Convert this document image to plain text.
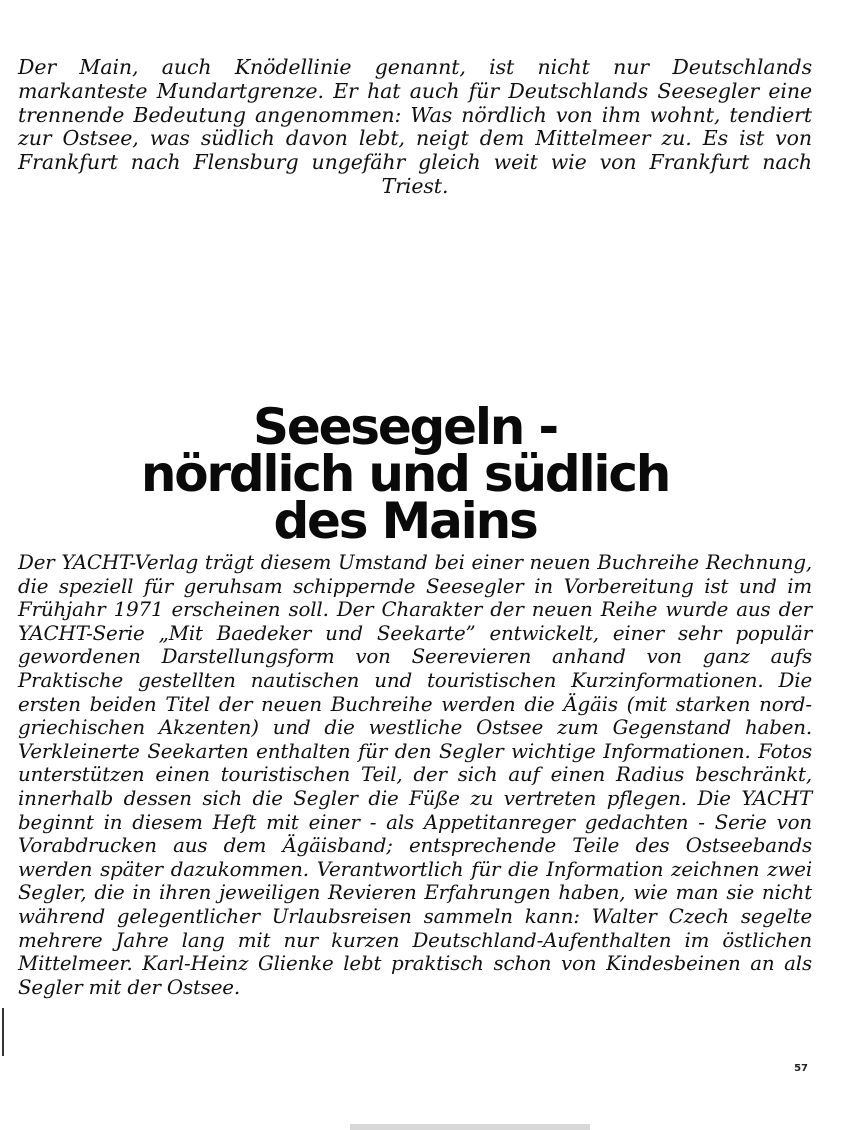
Der Main, auch Knödellinie genannt, ist nicht nur Deutschlands markanteste Mundartgrenze. Er hat auch für Deutschlands Seesegler eine trennende Bedeutung angenommen: Was nördlich von ihm wohnt, tendiert zur Ostsee, was südlich davon lebt, neigt dem Mittelmeer zu. Es ist von Frankfurt nach Flensburg ungefähr gleich weit wie von Frankfurt nach Triest.

Seesegeln -
nördlich und südlich
des Mains

Der YACHT-Verlag trägt diesem Umstand bei einer neuen Buchreihe Rechnung, die speziell für geruhsam schippernde Seesegler in Vorbereitung ist und im Frühjahr 1971 erscheinen soll. Der Charakter der neuen Reihe wurde aus der YACHT-Serie „Mit Baedeker und Seekarte” entwickelt, einer sehr populär gewordenen Darstellungsform von Seerevieren anhand von ganz aufs Praktische gestellten nautischen und touristischen Kurzinformationen. Die ersten beiden Titel der neuen Buchreihe werden die Ägäis (mit starken nordgriechischen Akzenten) und die westliche Ostsee zum Gegenstand haben. Verkleinerte Seekarten enthalten für den Segler wichtige Informationen. Fotos unterstützen einen touristischen Teil, der sich auf einen Radius beschränkt, innerhalb dessen sich die Segler die Füße zu vertreten pflegen. Die YACHT beginnt in diesem Heft mit einer - als Appetitanreger gedachten - Serie von Vorabdrucken aus dem Ägäisband; entsprechende Teile des Ostseebands werden später dazukommen. Verantwortlich für die Information zeichnen zwei Segler, die in ihren jeweiligen Revieren Erfahrungen haben, wie man sie nicht während gelegentlicher Urlaubsreisen sammeln kann: Walter Czech segelte mehrere Jahre lang mit nur kurzen Deutschland-Aufenthalten im östlichen Mittelmeer. Karl-Heinz Glienke lebt praktisch schon von Kindesbeinen an als Segler mit der Ostsee.

57
